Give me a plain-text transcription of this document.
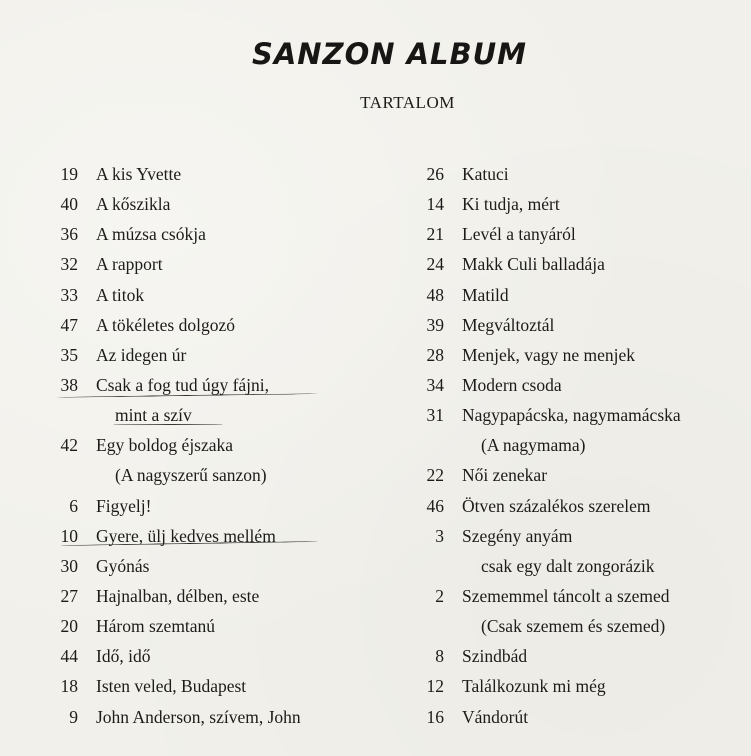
SANZON ALBUM
TARTALOM
19 A kis Yvette
40 A kőszikla
36 A múzsa csókja
32 A rapport
33 A titok
47 A tökéletes dolgozó
35 Az idegen úr
38 Csak a fog tud úgy fájni,
mint a szív
42 Egy boldog éjszaka
(A nagyszerű sanzon)
6 Figyelj!
10 Gyere, ülj kedves mellém
30 Gyónás
27 Hajnalban, délben, este
20 Három szemtanú
44 Idő, idő
18 Isten veled, Budapest
9 John Anderson, szívem, John
26 Katuci
14 Ki tudja, mért
21 Levél a tanyáról
24 Makk Culi balladája
48 Matild
39 Megváltoztál
28 Menjek, vagy ne menjek
34 Modern csoda
31 Nagypapácska, nagymamácska
(A nagymama)
22 Női zenekar
46 Ötven százalékos szerelem
3 Szegény anyám
csak egy dalt zongorázik
2 Szememmel táncolt a szemed
(Csak szemem és szemed)
8 Szindbád
12 Találkozunk mi még
16 Vándorút
